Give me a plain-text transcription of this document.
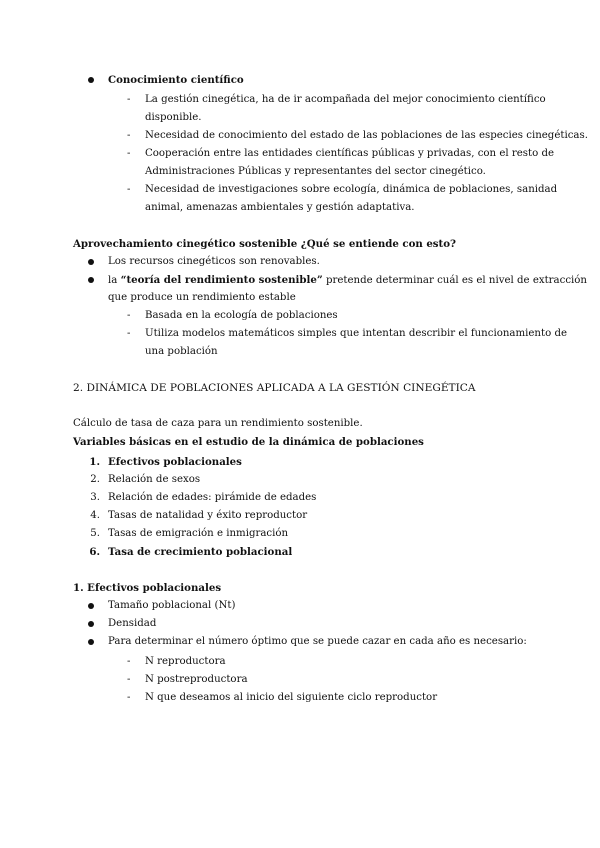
Conocimiento científico
- La gestión cinegética, ha de ir acompañada del mejor conocimiento científico
disponible.
- Necesidad de conocimiento del estado de las poblaciones de las especies cinegéticas.
- Cooperación entre las entidades científicas públicas y privadas, con el resto de
Administraciones Públicas y representantes del sector cinegético.
- Necesidad de investigaciones sobre ecología, dinámica de poblaciones, sanidad
animal, amenazas ambientales y gestión adaptativa.
Aprovechamiento cinegético sostenible ¿Qué se entiende con esto?
Los recursos cinegéticos son renovables.
la “teoría del rendimiento sostenible” pretende determinar cuál es el nivel de extracción
que produce un rendimiento estable
- Basada en la ecología de poblaciones
- Utiliza modelos matemáticos simples que intentan describir el funcionamiento de
una población
2. DINÁMICA DE POBLACIONES APLICADA A LA GESTIÓN CINEGÉTICA
Cálculo de tasa de caza para un rendimiento sostenible.
Variables básicas en el estudio de la dinámica de poblaciones
1. Efectivos poblacionales
2. Relación de sexos
3. Relación de edades: pirámide de edades
4. Tasas de natalidad y éxito reproductor
5. Tasas de emigración e inmigración
6. Tasa de crecimiento poblacional
1. Efectivos poblacionales
Tamaño poblacional (Nt)
Densidad
Para determinar el número óptimo que se puede cazar en cada año es necesario:
- N reproductora
- N postreproductora
- N que deseamos al inicio del siguiente ciclo reproductor
